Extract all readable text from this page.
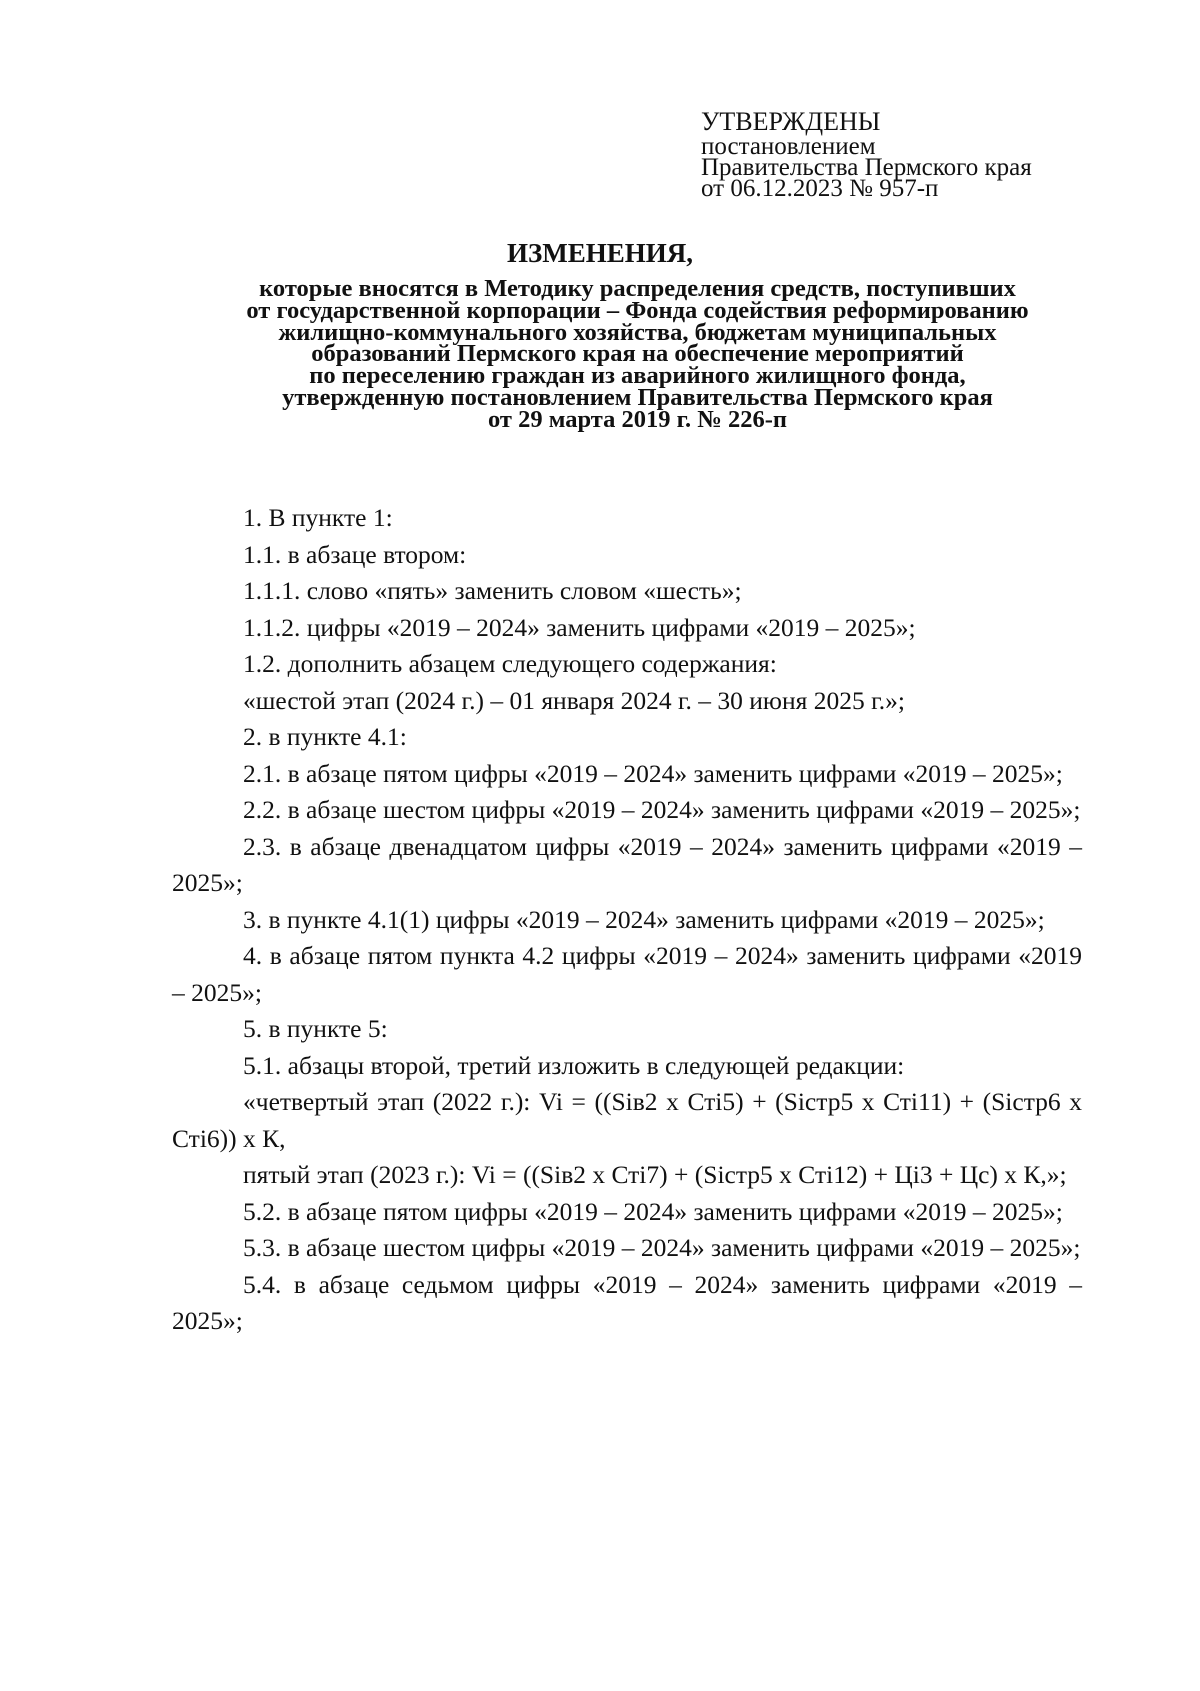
УТВЕРЖДЕНЫ
постановлением
Правительства Пермского края
от 06.12.2023 № 957-п
ИЗМЕНЕНИЯ,
которые вносятся в Методику распределения средств, поступивших
от государственной корпорации – Фонда содействия реформированию
жилищно-коммунального хозяйства, бюджетам муниципальных
образований Пермского края на обеспечение мероприятий
по переселению граждан из аварийного жилищного фонда,
утвержденную постановлением Правительства Пермского края
от 29 марта 2019 г. № 226-п

1. В пункте 1:

1.1. в абзаце втором:

1.1.1. слово «пять» заменить словом «шесть»;

1.1.2. цифры «2019 – 2024» заменить цифрами «2019 – 2025»;

1.2. дополнить абзацем следующего содержания:

«шестой этап (2024 г.) – 01 января 2024 г. – 30 июня 2025 г.»;

2. в пункте 4.1:

2.1. в абзаце пятом цифры «2019 – 2024» заменить цифрами «2019 – 2025»;

2.2. в абзаце шестом цифры «2019 – 2024» заменить цифрами «2019 – 2025»;

2.3. в абзаце двенадцатом цифры «2019 – 2024» заменить цифрами «2019 – 2025»;

3. в пункте 4.1(1) цифры «2019 – 2024» заменить цифрами «2019 – 2025»;

4. в абзаце пятом пункта 4.2 цифры «2019 – 2024» заменить цифрами «2019 – 2025»;

5. в пункте 5:

5.1. абзацы второй, третий изложить в следующей редакции:

«четвертый этап (2022 г.): Vi = ((Siв2 x Стi5) + (Siстр5 x Стi11) + (Siстр6 x Стi6)) x К,

пятый этап (2023 г.): Vi = ((Siв2 x Стi7) + (Siстр5 x Стi12) + Цi3 + Цс) x К,»;

5.2. в абзаце пятом цифры «2019 – 2024» заменить цифрами «2019 – 2025»;

5.3. в абзаце шестом цифры «2019 – 2024» заменить цифрами «2019 – 2025»;

5.4. в абзаце седьмом цифры «2019 – 2024» заменить цифрами «2019 – 2025»;
